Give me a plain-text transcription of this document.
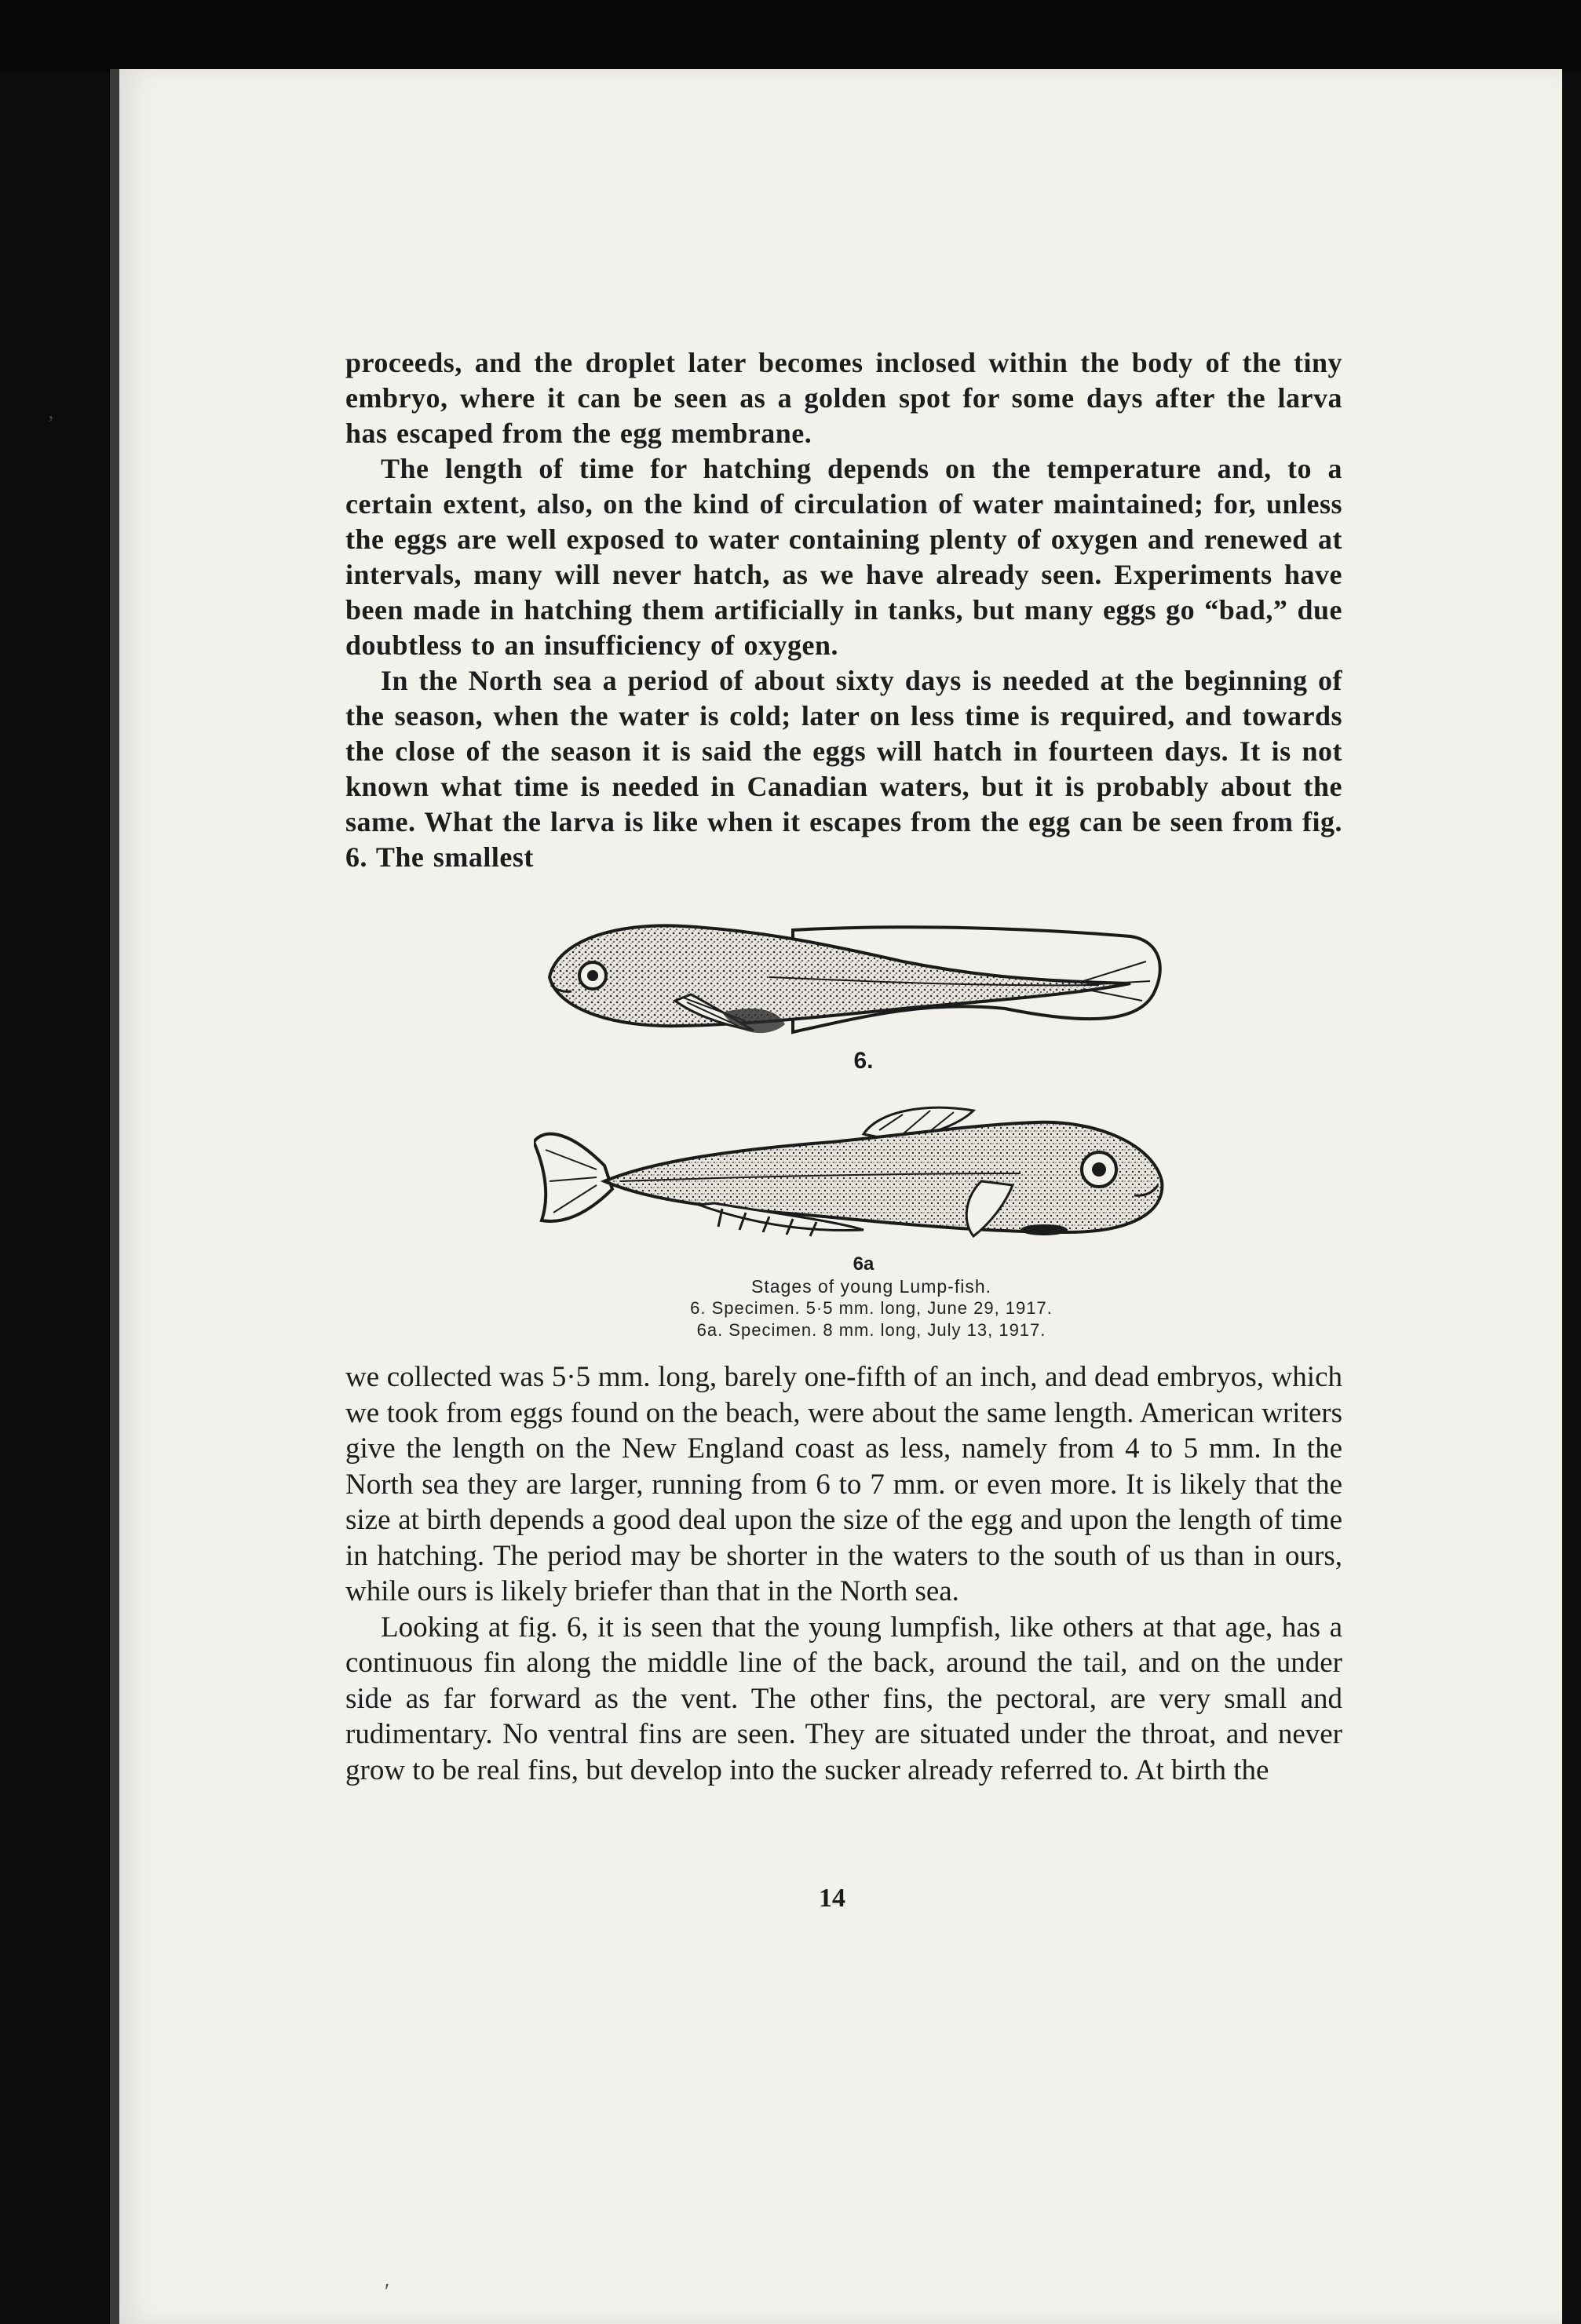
’
′

proceeds, and the droplet later becomes inclosed within the body of the tiny embryo, where it can be seen as a golden spot for some days after the larva has escaped from the egg membrane.

The length of time for hatching depends on the temperature and, to a certain extent, also, on the kind of circulation of water maintained; for, unless the eggs are well exposed to water containing plenty of oxygen and renewed at intervals, many will never hatch, as we have already seen. Experiments have been made in hatching them artificially in tanks, but many eggs go “bad,” due doubtless to an insufficiency of oxygen.

In the North sea a period of about sixty days is needed at the beginning of the season, when the water is cold; later on less time is required, and towards the close of the season it is said the eggs will hatch in fourteen days. It is not known what time is needed in Canadian waters, but it is probably about the same. What the larva is like when it escapes from the egg can be seen from fig. 6. The smallest

6.
6a
Stages of young Lump-fish.
6. Specimen. 5·5 mm. long, June 29, 1917.
6a. Specimen. 8 mm. long, July 13, 1917.

we collected was 5·5 mm. long, barely one-fifth of an inch, and dead embryos, which we took from eggs found on the beach, were about the same length. American writers give the length on the New England coast as less, namely from 4 to 5 mm. In the North sea they are larger, running from 6 to 7 mm. or even more. It is likely that the size at birth depends a good deal upon the size of the egg and upon the length of time in hatching. The period may be shorter in the waters to the south of us than in ours, while ours is likely briefer than that in the North sea.

Looking at fig. 6, it is seen that the young lumpfish, like others at that age, has a continuous fin along the middle line of the back, around the tail, and on the under side as far forward as the vent. The other fins, the pectoral, are very small and rudimentary. No ventral fins are seen. They are situated under the throat, and never grow to be real fins, but develop into the sucker already referred to. At birth the

14
